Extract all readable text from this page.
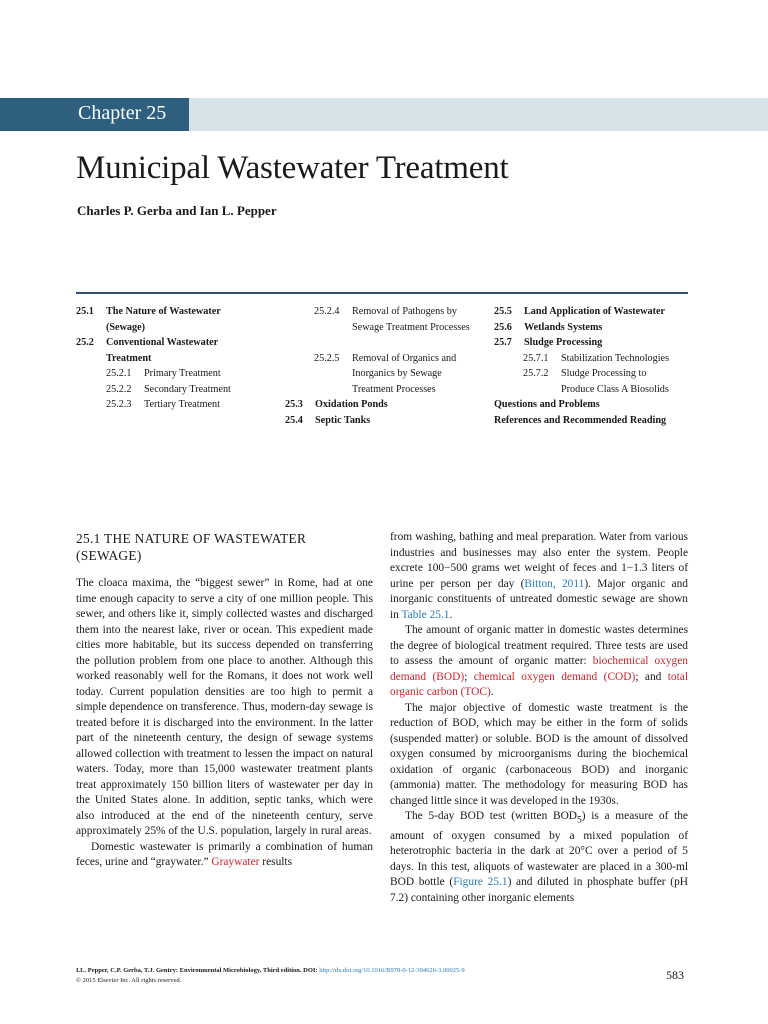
Chapter 25
Municipal Wastewater Treatment
Charles P. Gerba and Ian L. Pepper
25.1 The Nature of Wastewater (Sewage)
25.2 Conventional Wastewater Treatment
25.2.1 Primary Treatment
25.2.2 Secondary Treatment
25.2.3 Tertiary Treatment
25.2.4 Removal of Pathogens by Sewage Treatment Processes
25.2.5 Removal of Organics and Inorganics by Sewage Treatment Processes
25.3 Oxidation Ponds
25.4 Septic Tanks
25.5 Land Application of Wastewater
25.6 Wetlands Systems
25.7 Sludge Processing
25.7.1 Stabilization Technologies
25.7.2 Sludge Processing to Produce Class A Biosolids
Questions and Problems
References and Recommended Reading
25.1 THE NATURE OF WASTEWATER (SEWAGE)

The cloaca maxima, the “biggest sewer” in Rome, had at one time enough capacity to serve a city of one million people. This sewer, and others like it, simply collected wastes and discharged them into the nearest lake, river or ocean. This expedient made cities more habitable, but its success depended on transferring the pollution problem from one place to another. Although this worked reasonably well for the Romans, it does not work well today. Current population densities are too high to permit a simple dependence on transference. Thus, modern-day sewage is treated before it is discharged into the environment. In the latter part of the nineteenth century, the design of sewage systems allowed collection with treatment to lessen the impact on natural waters. Today, more than 15,000 wastewater treatment plants treat approximately 150 billion liters of wastewater per day in the United States alone. In addition, septic tanks, which were also introduced at the end of the nineteenth century, serve approximately 25% of the U.S. population, largely in rural areas.

Domestic wastewater is primarily a combination of human feces, urine and “graywater.” Graywater results

from washing, bathing and meal preparation. Water from various industries and businesses may also enter the system. People excrete 100−500 grams wet weight of feces and 1−1.3 liters of urine per person per day (Bitton, 2011). Major organic and inorganic constituents of untreated domestic sewage are shown in Table 25.1.

The amount of organic matter in domestic wastes determines the degree of biological treatment required. Three tests are used to assess the amount of organic matter: biochemical oxygen demand (BOD); chemical oxygen demand (COD); and total organic carbon (TOC).

The major objective of domestic waste treatment is the reduction of BOD, which may be either in the form of solids (suspended matter) or soluble. BOD is the amount of dissolved oxygen consumed by microorganisms during the biochemical oxidation of organic (carbonaceous BOD) and inorganic (ammonia) matter. The methodology for measuring BOD has changed little since it was developed in the 1930s.

The 5-day BOD test (written $BOD_5$) is a measure of the amount of oxygen consumed by a mixed population of heterotrophic bacteria in the dark at 20°C over a period of 5 days. In this test, aliquots of wastewater are placed in a 300-ml BOD bottle (Figure 25.1) and diluted in phosphate buffer (pH 7.2) containing other inorganic elements

I.L. Pepper, C.P. Gerba, T.J. Gentry: Environmental Microbiology, Third edition. DOI: http://dx.doi.org/10.1016/B978-0-12-394626-3.00025-9
© 2015 Elsevier Inc. All rights reserved.	583
